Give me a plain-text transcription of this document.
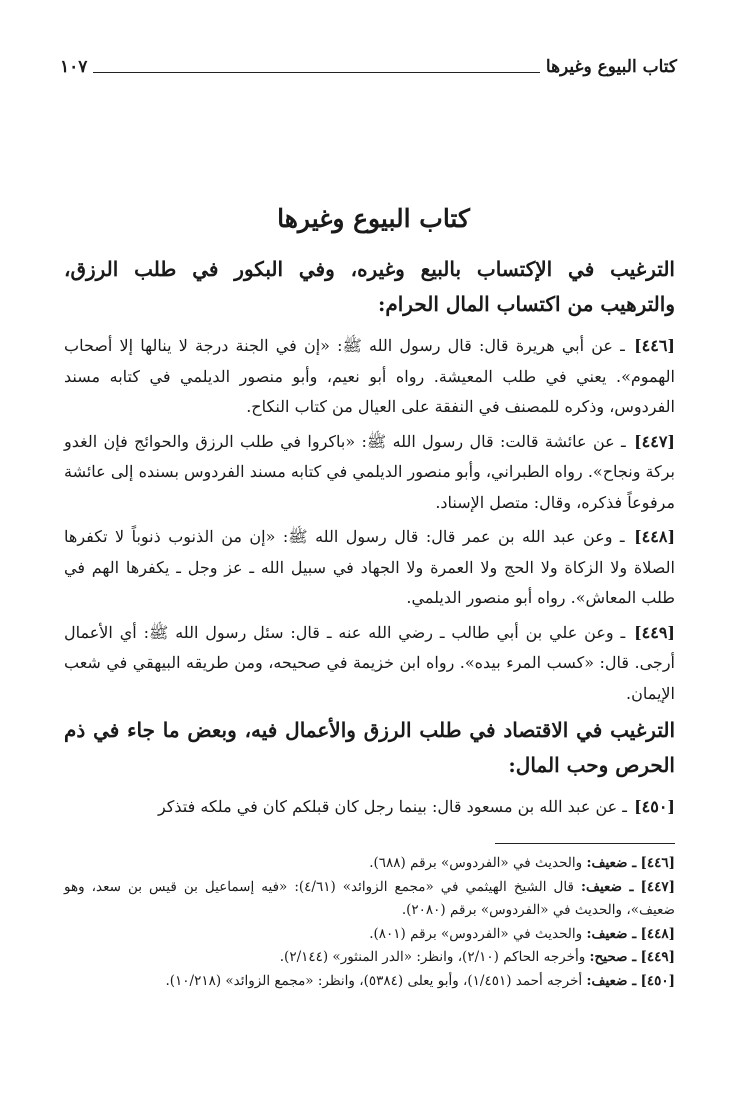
كتاب البيوع وغيرها
١٠٧
كتاب البيوع وغيرها
الترغيب في الإكتساب بالبيع وغيره، وفي البكور في طلب الرزق، والترهيب من اكتساب المال الحرام:

[٤٤٦] ـ عن أبي هريرة قال: قال رسول الله ﷺ: «إن في الجنة درجة لا ينالها إلا أصحاب الهموم». يعني في طلب المعيشة. رواه أبو نعيم، وأبو منصور الديلمي في كتابه مسند الفردوس، وذكره للمصنف في النفقة على العيال من كتاب النكاح.

[٤٤٧] ـ عن عائشة قالت: قال رسول الله ﷺ: «باكروا في طلب الرزق والحوائج فإن الغدو بركة ونجاح». رواه الطبراني، وأبو منصور الديلمي في كتابه مسند الفردوس بسنده إلى عائشة مرفوعاً فذكره، وقال: متصل الإسناد.

[٤٤٨] ـ وعن عبد الله بن عمر قال: قال رسول الله ﷺ: «إن من الذنوب ذنوباً لا تكفرها الصلاة ولا الزكاة ولا الحج ولا العمرة ولا الجهاد في سبيل الله ـ عز وجل ـ يكفرها الهم في طلب المعاش». رواه أبو منصور الديلمي.

[٤٤٩] ـ وعن علي بن أبي طالب ـ رضي الله عنه ـ قال: سئل رسول الله ﷺ: أي الأعمال أرجى. قال: «كسب المرء بيده». رواه ابن خزيمة في صحيحه، ومن طريقه البيهقي في شعب الإيمان.

الترغيب في الاقتصاد في طلب الرزق والأعمال فيه، وبعض ما جاء في ذم الحرص وحب المال:

[٤٥٠] ـ عن عبد الله بن مسعود قال: بينما رجل كان قبلكم كان في ملكه فتذكر

[٤٤٦] ـ ضعيف: والحديث في «الفردوس» برقم (٦٨٨).

[٤٤٧] ـ ضعيف: قال الشيخ الهيثمي في «مجمع الزوائد» (٤/٦١): «فيه إسماعيل بن قيس بن سعد، وهو ضعيف»، والحديث في «الفردوس» برقم (٢٠٨٠).

[٤٤٨] ـ ضعيف: والحديث في «الفردوس» برقم (٨٠١).

[٤٤٩] ـ صحيح: وأخرجه الحاكم (٢/١٠)، وانظر: «الدر المنثور» (٢/١٤٤).

[٤٥٠] ـ ضعيف: أخرجه أحمد (١/٤٥١)، وأبو يعلى (٥٣٨٤)، وانظر: «مجمع الزوائد» (١٠/٢١٨).
